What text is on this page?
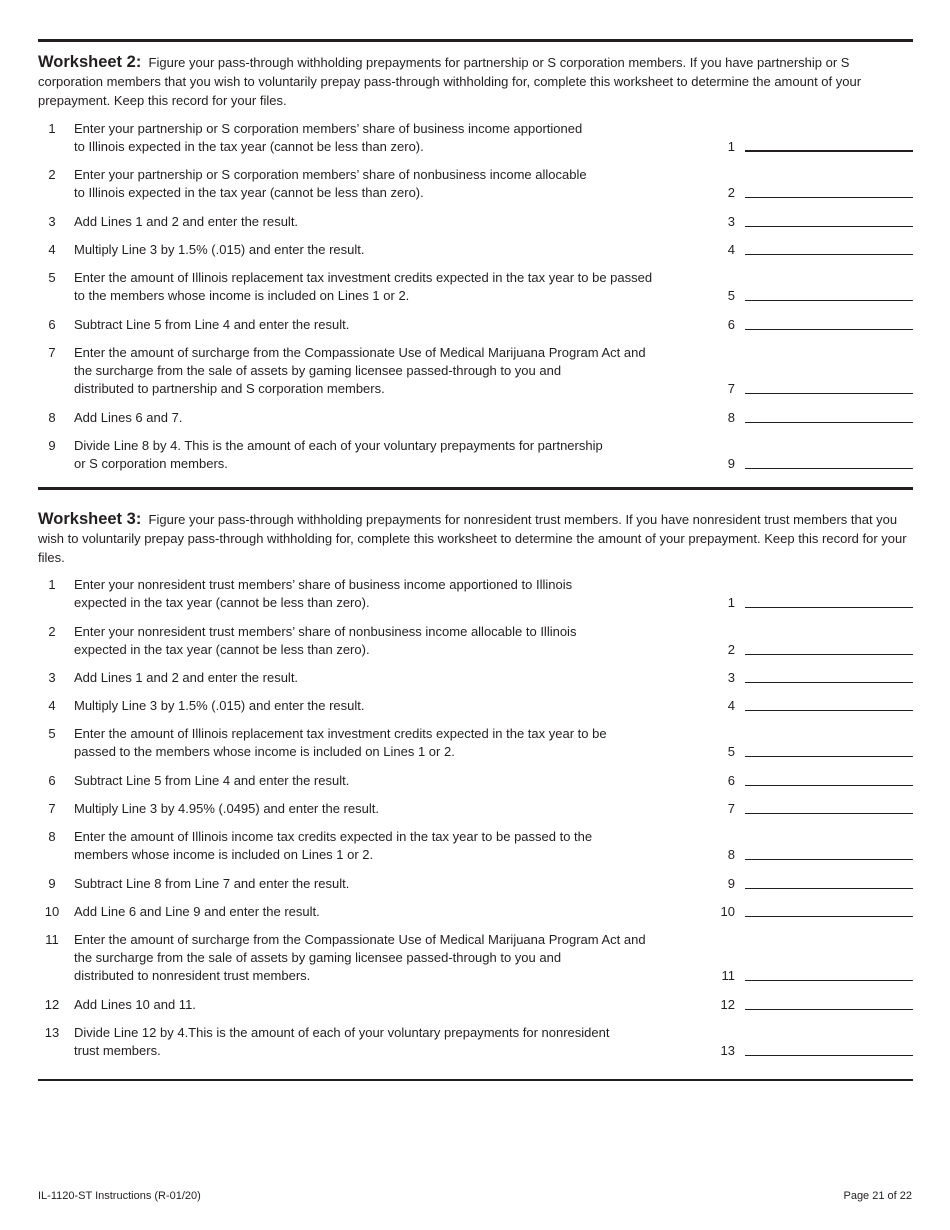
Worksheet 2: Figure your pass-through withholding prepayments for partnership or S corporation members. If you have partnership or S corporation members that you wish to voluntarily prepay pass-through withholding for, complete this worksheet to determine the amount of your prepayment. Keep this record for your files.

1	Enter your partnership or S corporation members’ share of business income apportioned
to Illinois expected in the tax year (cannot be less than zero).	1
2	Enter your partnership or S corporation members’ share of nonbusiness income allocable
to Illinois expected in the tax year (cannot be less than zero).	2
3	Add Lines 1 and 2 and enter the result.	3
4	Multiply Line 3 by 1.5% (.015) and enter the result.	4
5	Enter the amount of Illinois replacement tax investment credits expected in the tax year to be passed
to the members whose income is included on Lines 1 or 2.	5
6	Subtract Line 5 from Line 4 and enter the result.	6
7	Enter the amount of surcharge from the Compassionate Use of Medical Marijuana Program Act and
the surcharge from the sale of assets by gaming licensee passed-through to you and
distributed to partnership and S corporation members.	7
8	Add Lines 6 and 7.	8
9	Divide Line 8 by 4. This is the amount of each of your voluntary prepayments for partnership
or S corporation members.	9

Worksheet 3: Figure your pass-through withholding prepayments for nonresident trust members. If you have nonresident trust members that you wish to voluntarily prepay pass-through withholding for, complete this worksheet to determine the amount of your prepayment. Keep this record for your files.

1	Enter your nonresident trust members’ share of business income apportioned to Illinois
expected in the tax year (cannot be less than zero).	1
2	Enter your nonresident trust members’ share of nonbusiness income allocable to Illinois
expected in the tax year (cannot be less than zero).	2
3	Add Lines 1 and 2 and enter the result.	3
4	Multiply Line 3 by 1.5% (.015) and enter the result.	4
5	Enter the amount of Illinois replacement tax investment credits expected in the tax year to be
passed to the members whose income is included on Lines 1 or 2.	5
6	Subtract Line 5 from Line 4 and enter the result.	6
7	Multiply Line 3 by 4.95% (.0495) and enter the result.	7
8	Enter the amount of Illinois income tax credits expected in the tax year to be passed to the
members whose income is included on Lines 1 or 2.	8
9	Subtract Line 8 from Line 7 and enter the result.	9
10	Add Line 6 and Line 9 and enter the result.	10
11	Enter the amount of surcharge from the Compassionate Use of Medical Marijuana Program Act and
the surcharge from the sale of assets by gaming licensee passed-through to you and
distributed to nonresident trust members.	11
12	Add Lines 10 and 11.	12
13	Divide Line 12 by 4.This is the amount of each of your voluntary prepayments for nonresident
trust members.	13
IL-1120-ST Instructions (R-01/20)	Page 21 of 22
